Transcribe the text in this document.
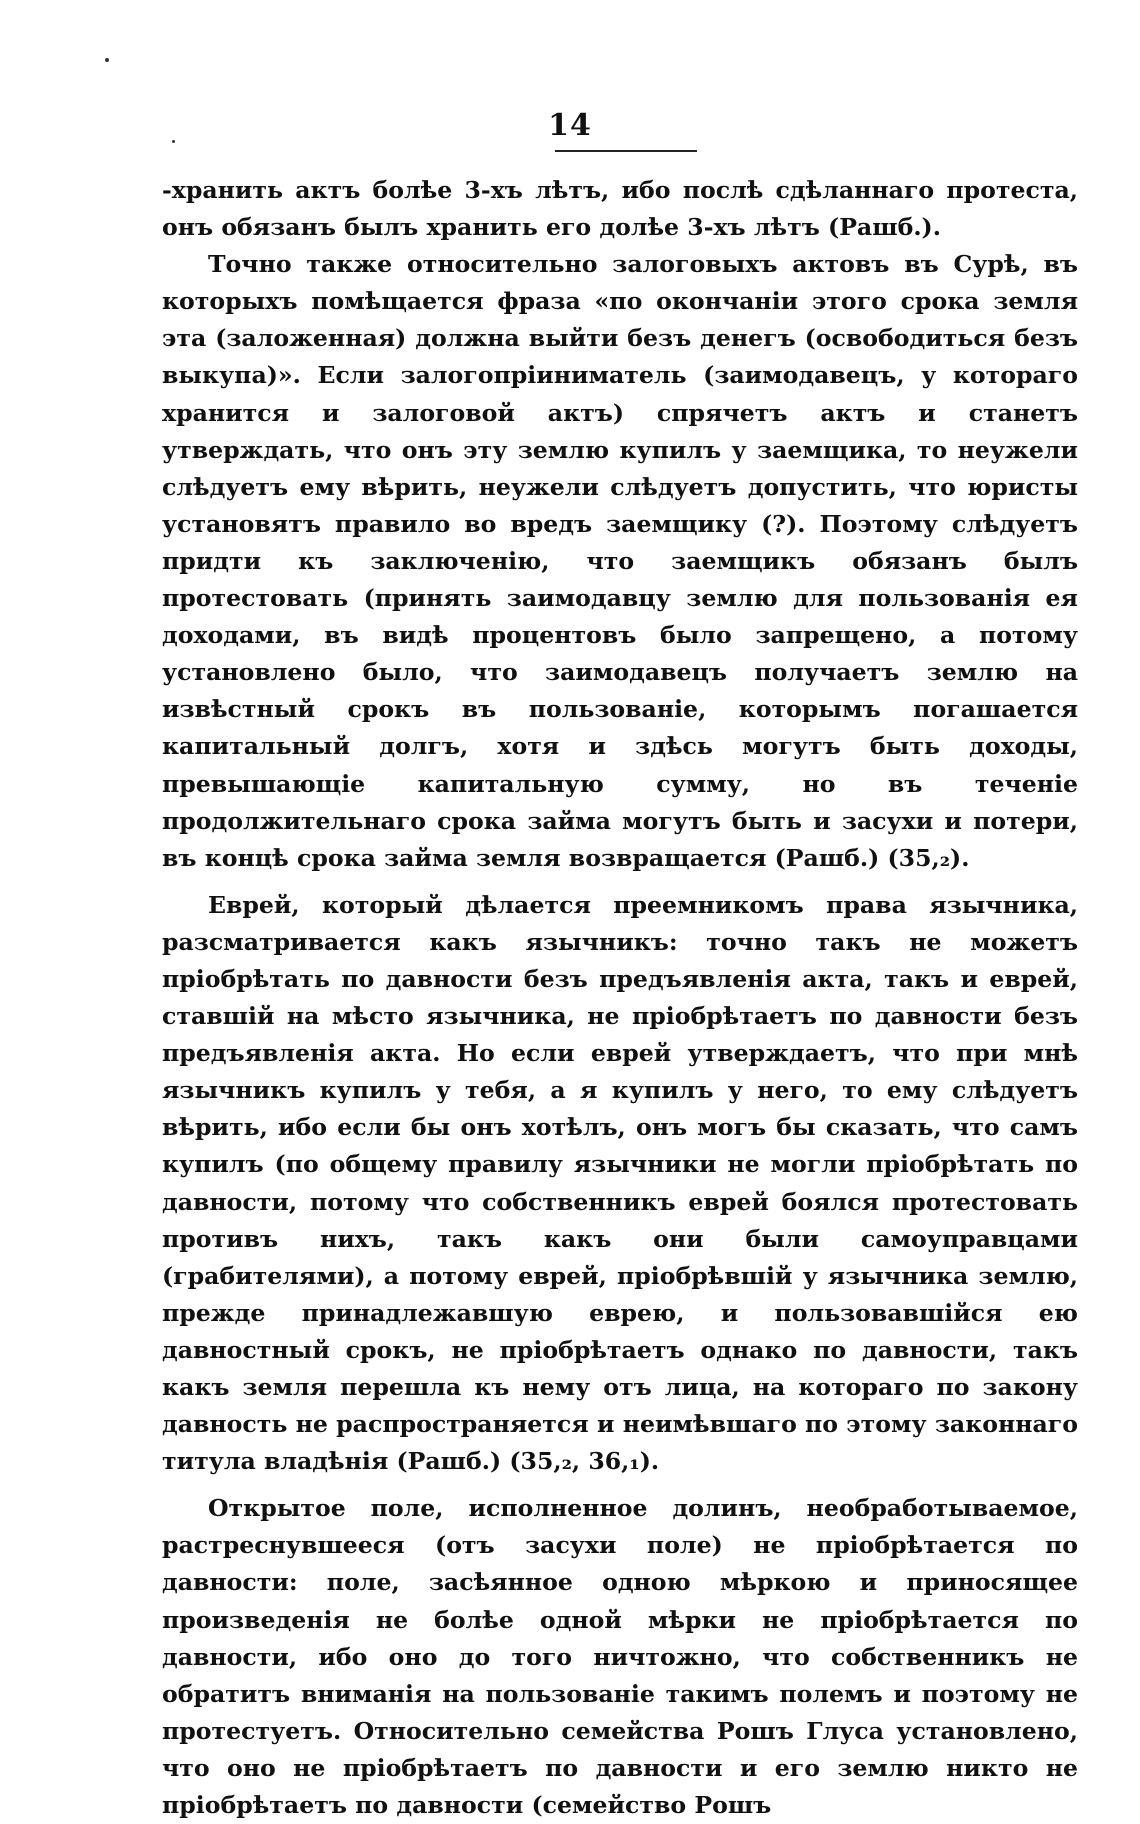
14

-хранить актъ болѣе 3-хъ лѣтъ, ибо послѣ сдѣланнаго протеста, онъ обязанъ былъ хранить его долѣе 3-хъ лѣтъ (Рашб.).

Точно также относительно залоговыхъ актовъ въ Сурѣ, въ которыхъ помѣщается фраза «по окончаніи этого срока земля эта (заложенная) должна выйти безъ денегъ (освободиться безъ выкупа)». Если залогопріиниматель (заимодавецъ, у котораго хранится и залоговой актъ) спрячетъ актъ и станетъ утверждать, что онъ эту землю купилъ у заемщика, то неужели слѣдуетъ ему вѣрить, неужели слѣдуетъ допустить, что юристы установятъ правило во вредъ заемщику (?). Поэтому слѣдуетъ придти къ заключенію, что заемщикъ обязанъ былъ протестовать (принять заимодавцу землю для пользованія ея доходами, въ видѣ процентовъ было запрещено, а потому установлено было, что заимодавецъ получаетъ землю на извѣстный срокъ въ пользованіе, которымъ погашается капитальный долгъ, хотя и здѣсь могутъ быть доходы, превышающіе капитальную сумму, но въ теченіе продолжительнаго срока займа могутъ быть и засухи и потери, въ концѣ срока займа земля возвращается (Рашб.) (35,₂).

Еврей, который дѣлается преемникомъ права язычника, разсматривается какъ язычникъ: точно такъ не можетъ пріобрѣтать по давности безъ предъявленія акта, такъ и еврей, ставшій на мѣсто язычника, не пріобрѣтаетъ по давности безъ предъявленія акта. Но если еврей утверждаетъ, что при мнѣ язычникъ купилъ у тебя, а я купилъ у него, то ему слѣдуетъ вѣрить, ибо если бы онъ хотѣлъ, онъ могъ бы сказать, что самъ купилъ (по общему правилу язычники не могли пріобрѣтать по давности, потому что собственникъ еврей боялся протестовать противъ нихъ, такъ какъ они были самоуправцами (грабителями), а потому еврей, пріобрѣвшій у язычника землю, прежде принадлежавшую еврею, и пользовавшійся ею давностный срокъ, не пріобрѣтаетъ однако по давности, такъ какъ земля перешла къ нему отъ лица, на котораго по закону давность не распространяется и неимѣвшаго по этому законнаго титула владѣнія (Рашб.) (35,₂, 36,₁).

Открытое поле, исполненное долинъ, необработываемое, растреснувшееся (отъ засухи поле) не пріобрѣтается по давности: поле, засѣянное одною мѣркою и приносящее произведенія не болѣе одной мѣрки не пріобрѣтается по давности, ибо оно до того ничтожно, что собственникъ не обратитъ вниманія на пользованіе такимъ полемъ и поэтому не протестуетъ. Относительно семейства Рошъ Глуса установлено, что оно не пріобрѣтаетъ по давности и его землю никто не пріобрѣтаетъ по давности (семейство Рошъ
